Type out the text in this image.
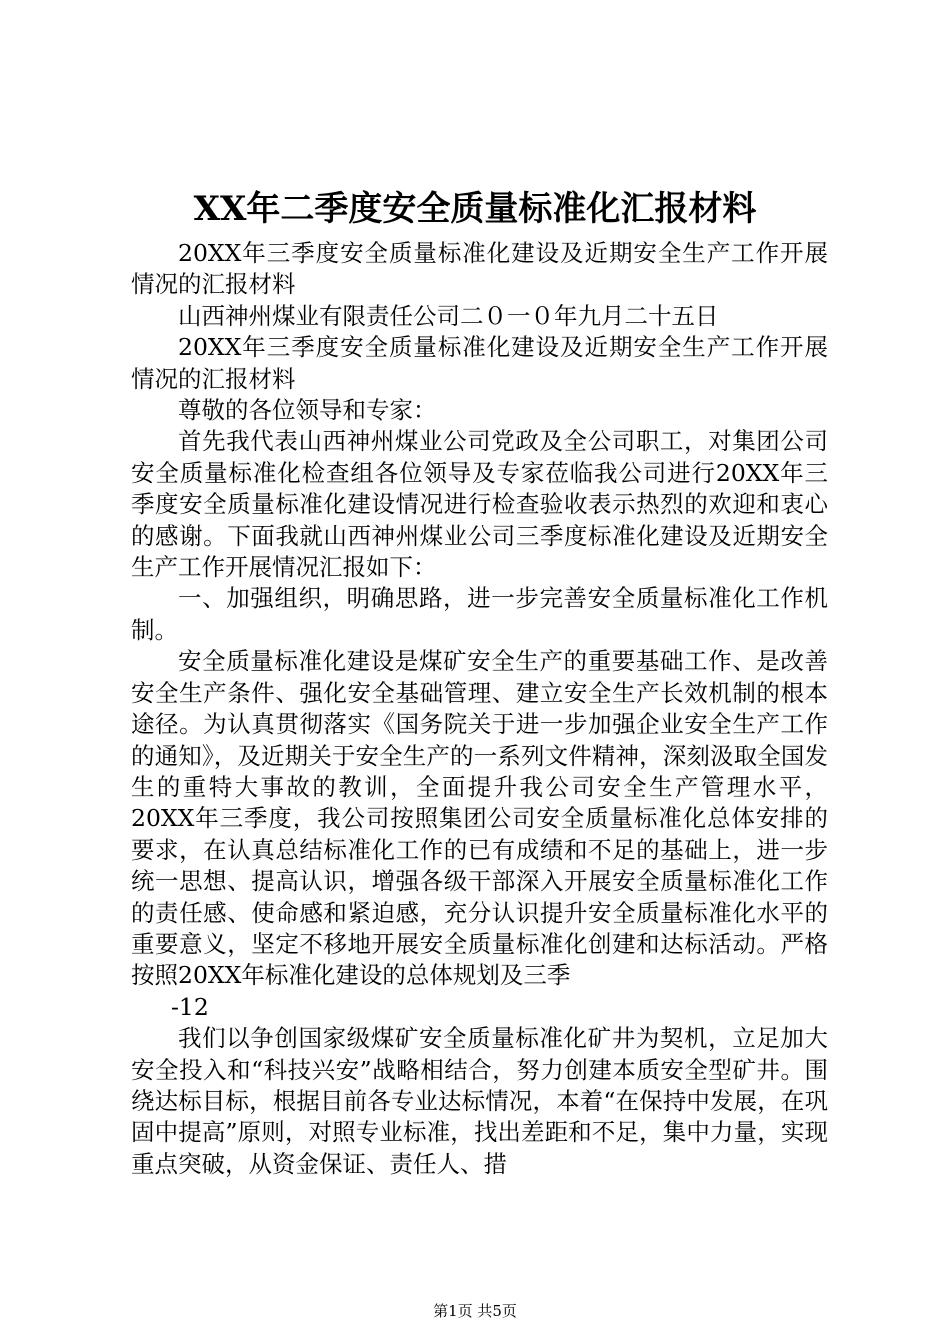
XX年二季度安全质量标准化汇报材料

20XX年三季度安全质量标准化建设及近期安全生产工作开展情况的汇报材料

山西神州煤业有限责任公司二０一０年九月二十五日

20XX年三季度安全质量标准化建设及近期安全生产工作开展情况的汇报材料

尊敬的各位领导和专家：

首先我代表山西神州煤业公司党政及全公司职工，对集团公司安全质量标准化检查组各位领导及专家莅临我公司进行20XX年三季度安全质量标准化建设情况进行检查验收表示热烈的欢迎和衷心的感谢。下面我就山西神州煤业公司三季度标准化建设及近期安全生产工作开展情况汇报如下：

一、加强组织，明确思路，进一步完善安全质量标准化工作机制。

安全质量标准化建设是煤矿安全生产的重要基础工作、是改善安全生产条件、强化安全基础管理、建立安全生产长效机制的根本途径。为认真贯彻落实《国务院关于进一步加强企业安全生产工作的通知》，及近期关于安全生产的一系列文件精神，深刻汲取全国发生的重特大事故的教训，全面提升我公司安全生产管理水平，20XX年三季度，我公司按照集团公司安全质量标准化总体安排的要求，在认真总结标准化工作的已有成绩和不足的基础上，进一步统一思想、提高认识，增强各级干部深入开展安全质量标准化工作的责任感、使命感和紧迫感，充分认识提升安全质量标准化水平的重要意义，坚定不移地开展安全质量标准化创建和达标活动。严格按照20XX年标准化建设的总体规划及三季

-12

我们以争创国家级煤矿安全质量标准化矿井为契机，立足加大安全投入和“科技兴安”战略相结合，努力创建本质安全型矿井。围绕达标目标，根据目前各专业达标情况，本着“在保持中发展，在巩固中提高”原则，对照专业标准，找出差距和不足，集中力量，实现重点突破，从资金保证、责任人、措

第1页 共5页
